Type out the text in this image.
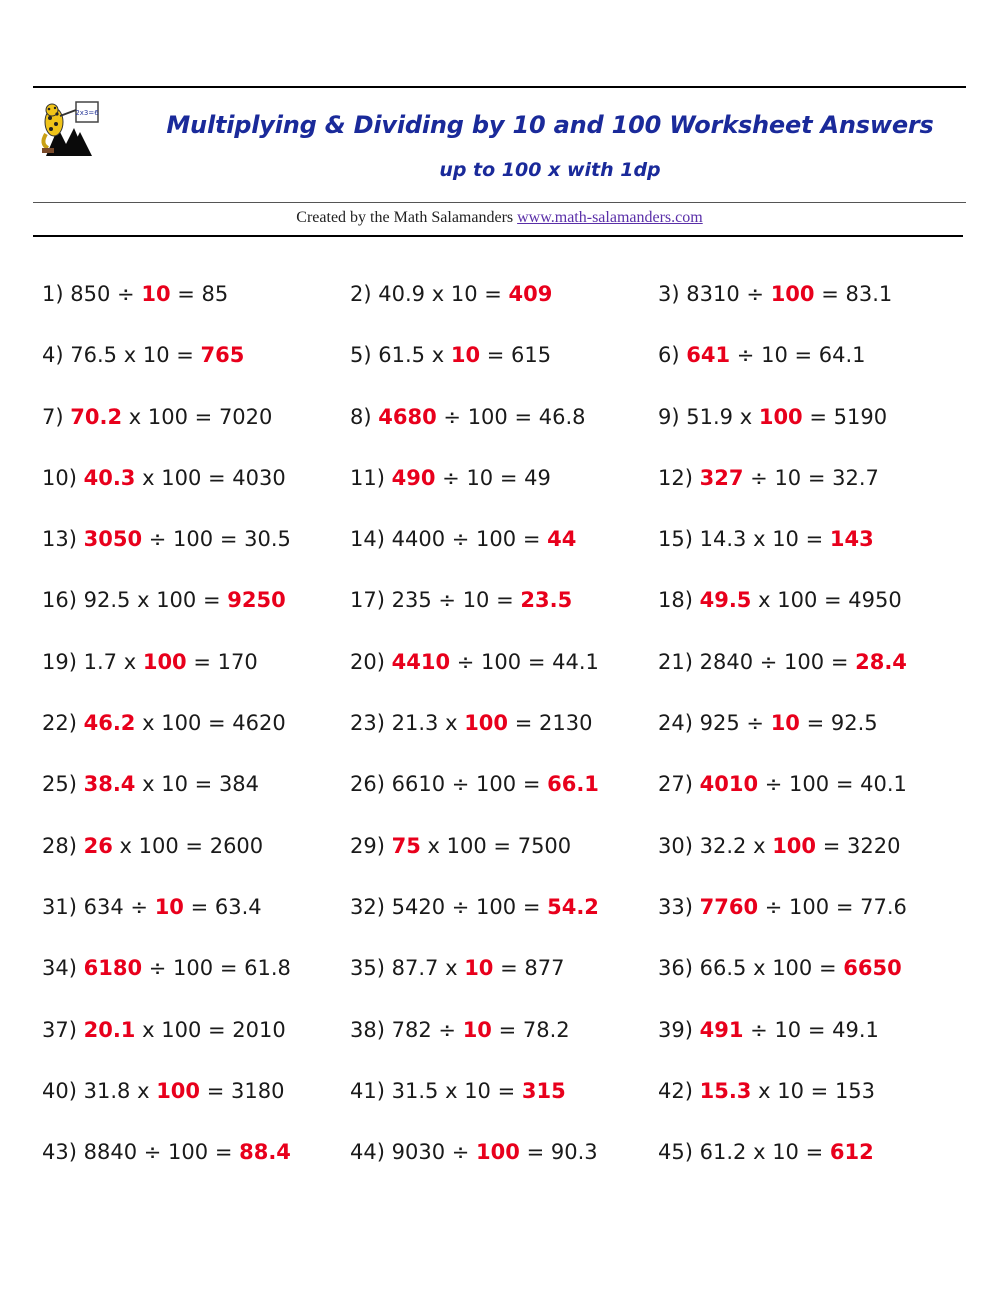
2x3=6	Multiplying & Dividing by 10 and 100 Worksheet Answers
up to 100 x with 1dp
Created by the Math Salamanders www.math-salamanders.com
1) 850 ÷ 10 = 85	2) 40.9 x 10 = 409	3) 8310 ÷ 100 = 83.1
4) 76.5 x 10 = 765	5) 61.5 x 10 = 615	6) 641 ÷ 10 = 64.1
7) 70.2 x 100 = 7020	8) 4680 ÷ 100 = 46.8	9) 51.9 x 100 = 5190
10) 40.3 x 100 = 4030	11) 490 ÷ 10 = 49	12) 327 ÷ 10 = 32.7
13) 3050 ÷ 100 = 30.5	14) 4400 ÷ 100 = 44	15) 14.3 x 10 = 143
16) 92.5 x 100 = 9250	17) 235 ÷ 10 = 23.5	18) 49.5 x 100 = 4950
19) 1.7 x 100 = 170	20) 4410 ÷ 100 = 44.1	21) 2840 ÷ 100 = 28.4
22) 46.2 x 100 = 4620	23) 21.3 x 100 = 2130	24) 925 ÷ 10 = 92.5
25) 38.4 x 10 = 384	26) 6610 ÷ 100 = 66.1	27) 4010 ÷ 100 = 40.1
28) 26 x 100 = 2600	29) 75 x 100 = 7500	30) 32.2 x 100 = 3220
31) 634 ÷ 10 = 63.4	32) 5420 ÷ 100 = 54.2	33) 7760 ÷ 100 = 77.6
34) 6180 ÷ 100 = 61.8	35) 87.7 x 10 = 877	36) 66.5 x 100 = 6650
37) 20.1 x 100 = 2010	38) 782 ÷ 10 = 78.2	39) 491 ÷ 10 = 49.1
40) 31.8 x 100 = 3180	41) 31.5 x 10 = 315	42) 15.3 x 10 = 153
43) 8840 ÷ 100 = 88.4	44) 9030 ÷ 100 = 90.3	45) 61.2 x 10 = 612
